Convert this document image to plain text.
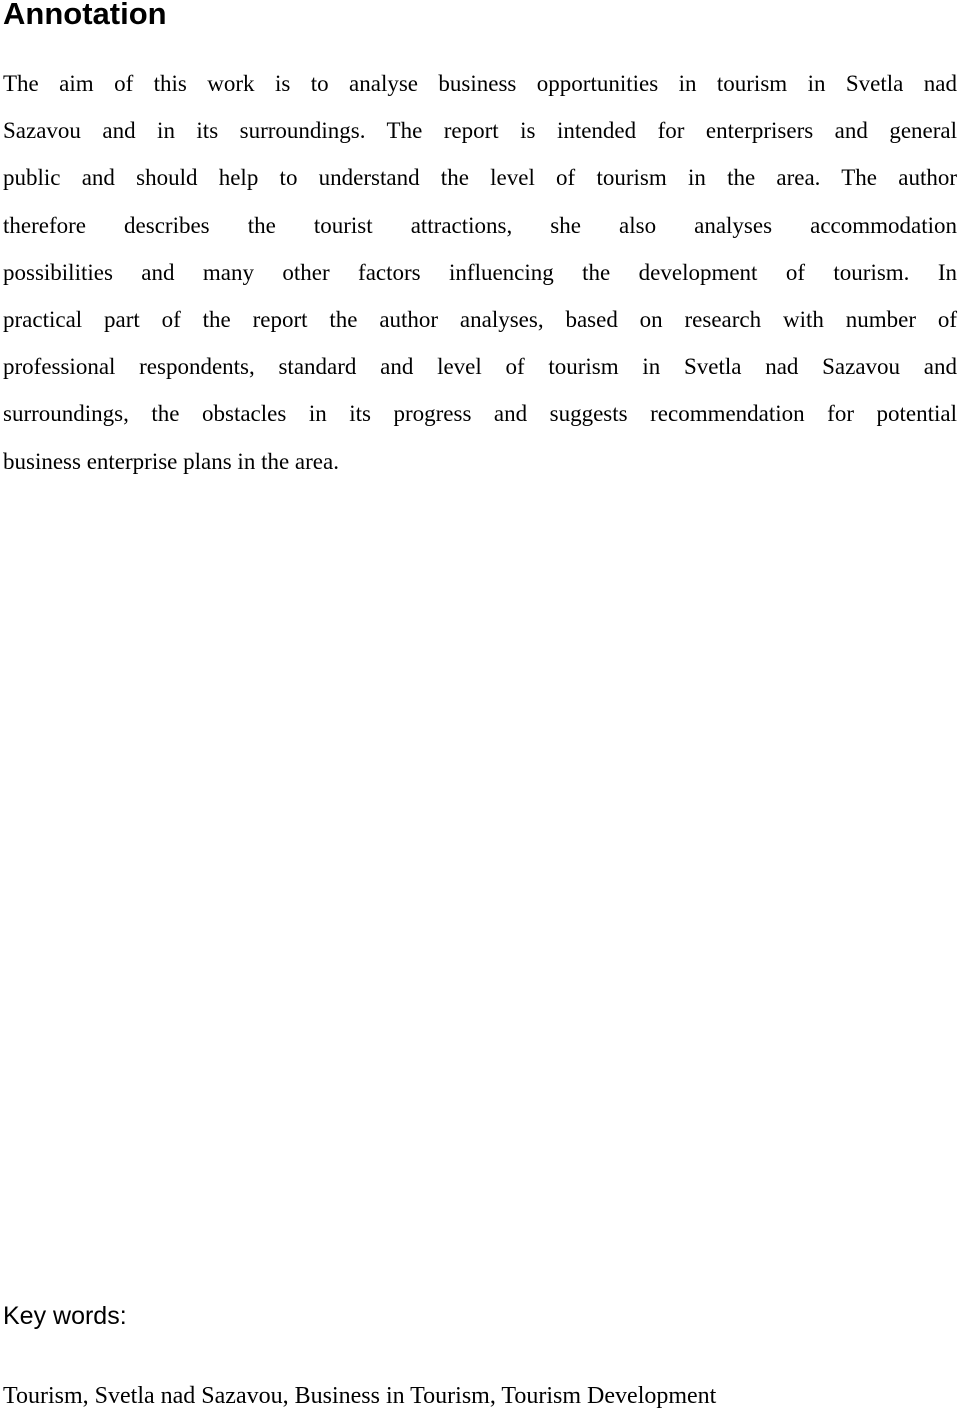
Annotation
The aim of this work is to analyse business opportunities in tourism in Svetla nad
Sazavou and in its surroundings. The report is intended for enterprisers and general
public and should help to understand the level of tourism in the area. The author
therefore describes the tourist attractions, she also analyses accommodation
possibilities and many other factors influencing the development of tourism. In
practical part of the report the author analyses, based on research with number of
professional respondents, standard and level of tourism in Svetla nad Sazavou and
surroundings, the obstacles in its progress and suggests recommendation for potential
business enterprise plans in the area.

Key words:

Tourism, Svetla nad Sazavou, Business in Tourism, Tourism Development
